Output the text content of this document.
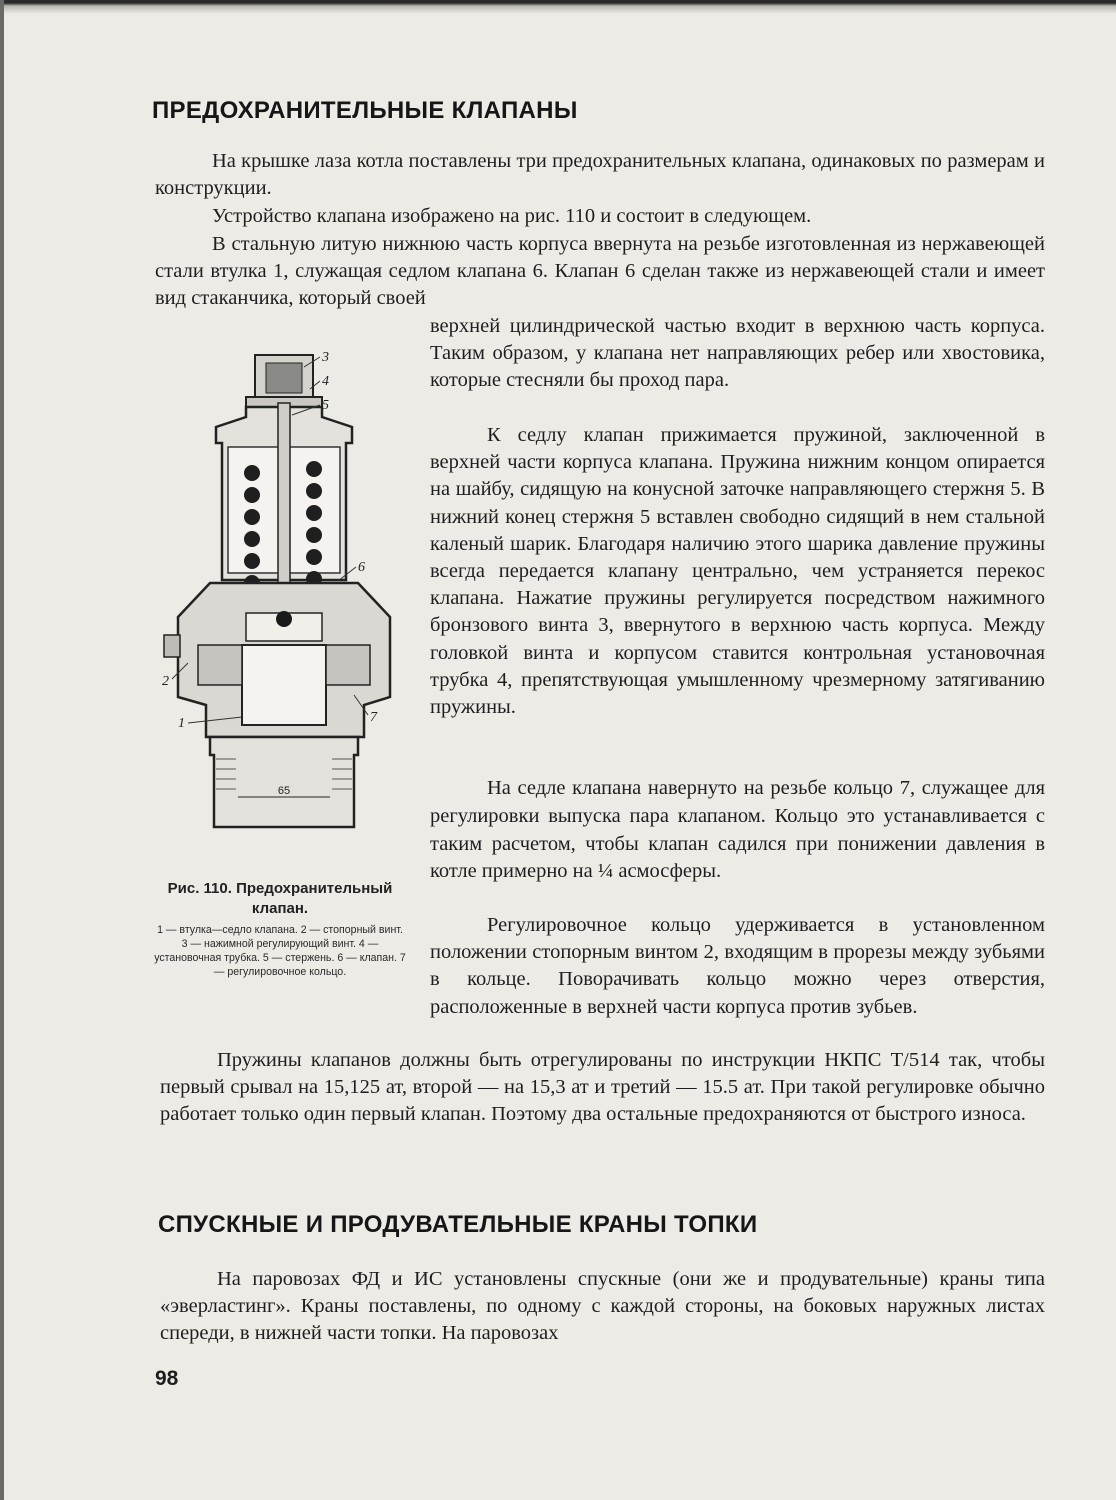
ПРЕДОХРАНИТЕЛЬНЫЕ КЛАПАНЫ

На крышке лаза котла поставлены три предохранительных клапана, одинаковых по размерам и конструкции.

Устройство клапана изображено на рис. 110 и состоит в следующем.

В стальную литую нижнюю часть корпуса ввернута на резьбе изготовленная из нержавеющей стали втулка 1, служащая седлом клапана 6. Клапан 6 сделан также из нержавеющей стали и имеет вид стаканчика, который своей

верхней цилиндрической частью входит в верхнюю часть корпуса. Таким образом, у клапана нет направляющих ребер или хвостовика, которые стесняли бы проход пара.

К седлу клапан прижимается пружиной, заключенной в верхней части корпуса клапана. Пружина нижним концом опирается на шайбу, сидящую на конусной заточке направляющего стержня 5. В нижний конец стержня 5 вставлен свободно сидящий в нем стальной каленый шарик. Благодаря наличию этого шарика давление пружины всегда передается клапану центрально, чем устраняется перекос клапана. Нажатие пружины регулируется посредством нажимного бронзового винта 3, ввернутого в верхнюю часть корпуса. Между головкой винта и корпусом ставится контрольная установочная трубка 4, препятствующая умышленному чрезмерному затягиванию пружины.

На седле клапана навернуто на резьбе кольцо 7, служащее для регулировки выпуска пара клапаном. Кольцо это устанавливается с таким расчетом, чтобы клапан садился при понижении давления в котле примерно на ¼ асмосферы.

Регулировочное кольцо удерживается в установленном положении стопорным винтом 2, входящим в прорезы между зубьями в кольце. Поворачивать кольцо можно через отверстия, расположенные в верхней части корпуса против зубьев.

Пружины клапанов должны быть отрегулированы по инструкции НКПС Т/514 так, чтобы первый срывал на 15,125 ат, второй — на 15,3 ат и третий — 15.5 ат. При такой регулировке обычно работает только один первый клапан. Поэтому два остальные предохраняются от быстрого износа.

65
3
4
5
6
2
1	7
Рис. 110. Предохранительный клапан.
1 — втулка—седло клапана. 2 — стопорный винт. 3 — нажимной регулирующий винт. 4 — установочная трубка. 5 — стержень. 6 — клапан. 7 — регулировочное кольцо.
СПУСКНЫЕ И ПРОДУВАТЕЛЬНЫЕ КРАНЫ ТОПКИ

На паровозах ФД и ИС установлены спускные (они же и продувательные) краны типа «эверластинг». Краны поставлены, по одному с каждой стороны, на боковых наружных листах спереди, в нижней части топки. На паровозах

98
